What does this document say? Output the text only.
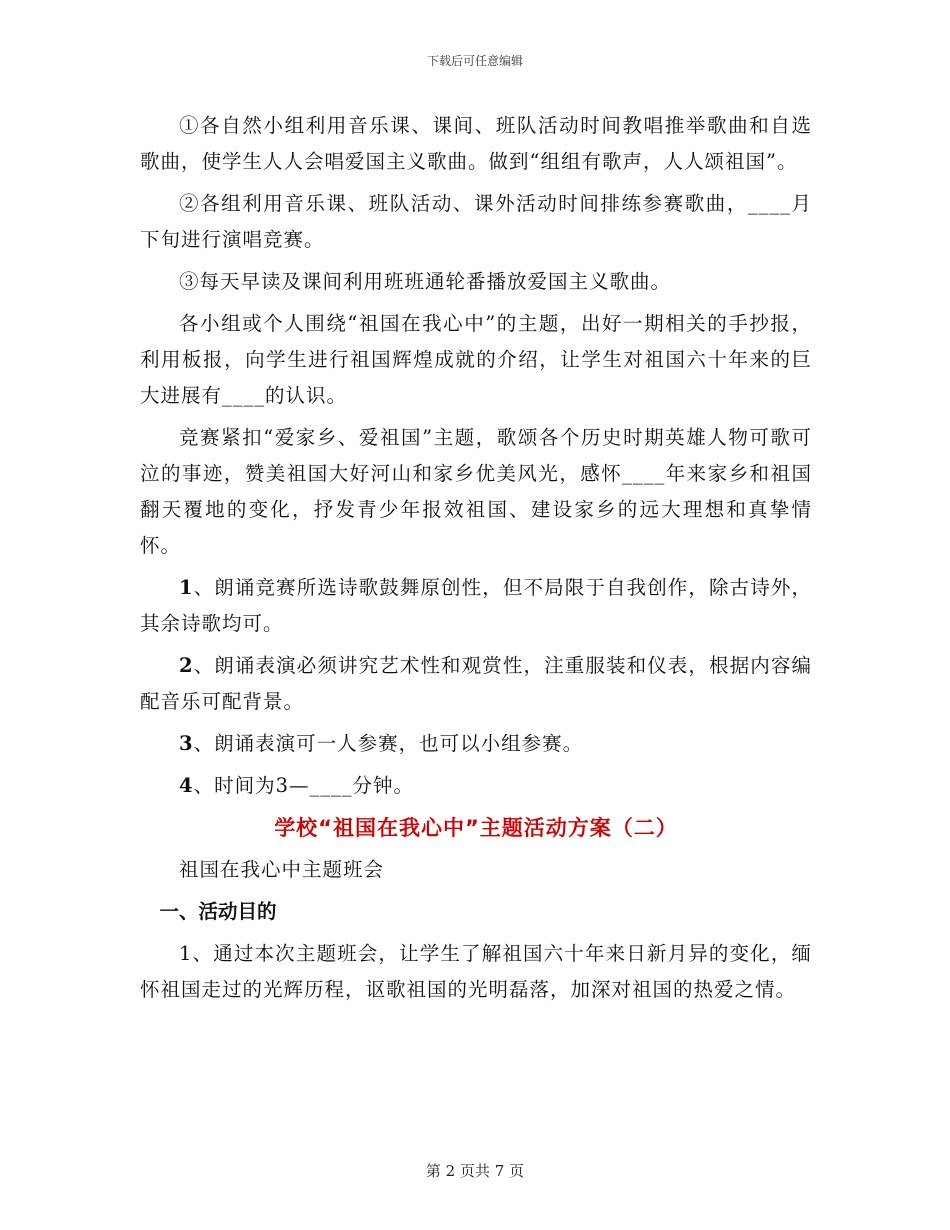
下载后可任意编辑

①各自然小组利用音乐课、课间、班队活动时间教唱推举歌曲和自选歌曲，使学生人人会唱爱国主义歌曲。做到“组组有歌声，人人颂祖国”。

②各组利用音乐课、班队活动、课外活动时间排练参赛歌曲，____月下旬进行演唱竞赛。

③每天早读及课间利用班班通轮番播放爱国主义歌曲。

各小组或个人围绕“祖国在我心中”的主题，出好一期相关的手抄报，利用板报，向学生进行祖国辉煌成就的介绍，让学生对祖国六十年来的巨大进展有____的认识。

竞赛紧扣“爱家乡、爱祖国”主题，歌颂各个历史时期英雄人物可歌可泣的事迹，赞美祖国大好河山和家乡优美风光，感怀____年来家乡和祖国翻天覆地的变化，抒发青少年报效祖国、建设家乡的远大理想和真挚情怀。

1、朗诵竞赛所选诗歌鼓舞原创性，但不局限于自我创作，除古诗外，其余诗歌均可。

2、朗诵表演必须讲究艺术性和观赏性，注重服装和仪表，根据内容编配音乐可配背景。

3、朗诵表演可一人参赛，也可以小组参赛。

4、时间为3—____分钟。

学校“祖国在我心中”主题活动方案（二）

祖国在我心中主题班会

一、活动目的

1、通过本次主题班会，让学生了解祖国六十年来日新月异的变化，缅怀祖国走过的光辉历程，讴歌祖国的光明磊落，加深对祖国的热爱之情。

第 2 页共 7 页
